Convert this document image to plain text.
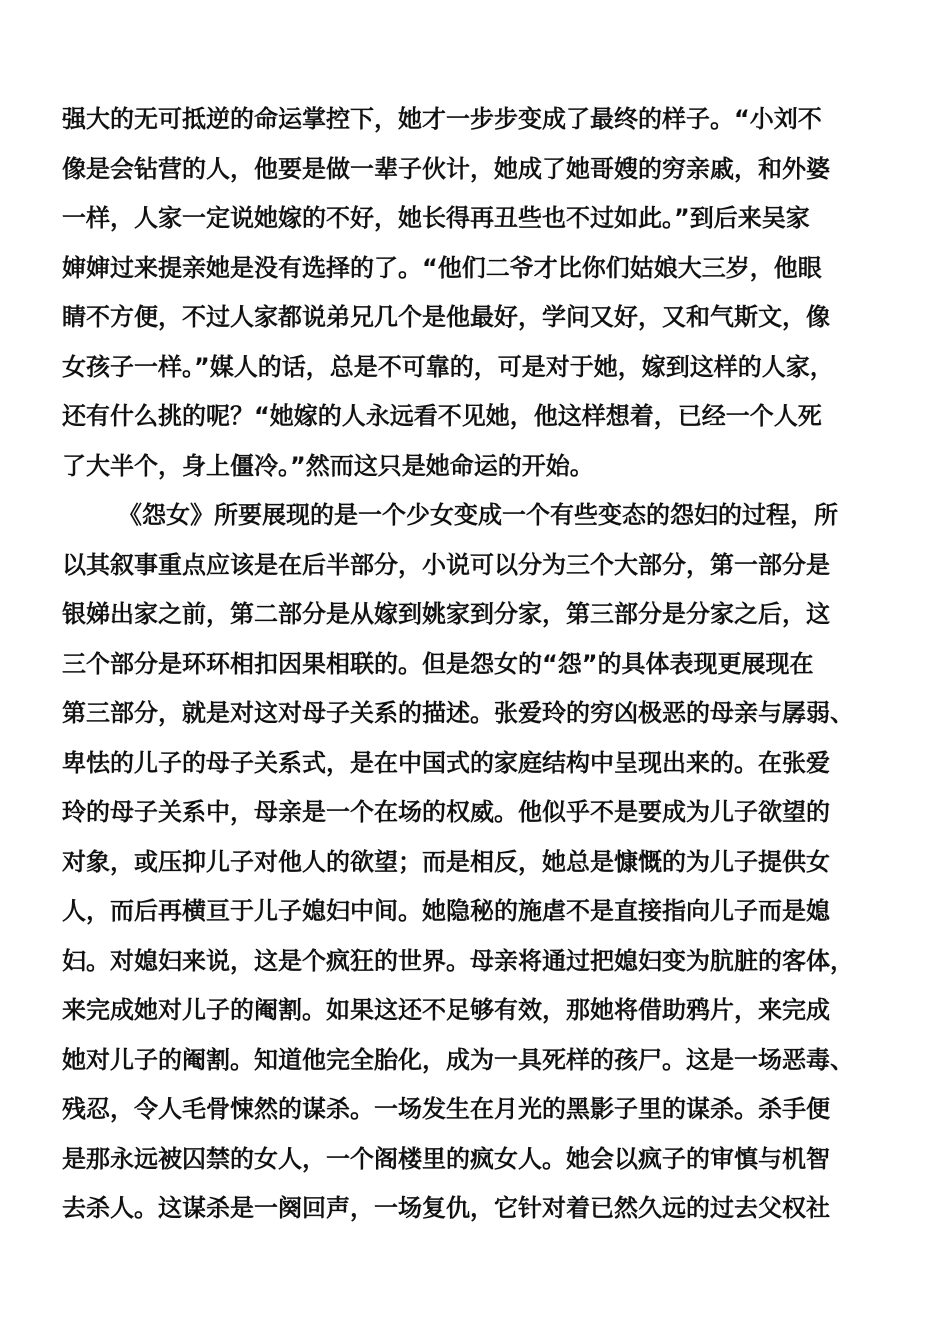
强大的无可抵逆的命运掌控下，她才一步步变成了最终的样子。“小刘不
像是会钻营的人，他要是做一辈子伙计，她成了她哥嫂的穷亲戚，和外婆
一样，人家一定说她嫁的不好，她长得再丑些也不过如此。”到后来吴家
婶婶过来提亲她是没有选择的了。“他们二爷才比你们姑娘大三岁，他眼
睛不方便，不过人家都说弟兄几个是他最好，学问又好，又和气斯文，像
女孩子一样。”媒人的话，总是不可靠的，可是对于她，嫁到这样的人家，
还有什么挑的呢？“她嫁的人永远看不见她，他这样想着，已经一个人死
了大半个，身上僵冷。”然而这只是她命运的开始。
《怨女》所要展现的是一个少女变成一个有些变态的怨妇的过程，所
以其叙事重点应该是在后半部分，小说可以分为三个大部分，第一部分是
银娣出家之前，第二部分是从嫁到姚家到分家，第三部分是分家之后，这
三个部分是环环相扣因果相联的。但是怨女的“怨”的具体表现更展现在
第三部分，就是对这对母子关系的描述。张爱玲的穷凶极恶的母亲与孱弱、
卑怯的儿子的母子关系式，是在中国式的家庭结构中呈现出来的。在张爱
玲的母子关系中，母亲是一个在场的权威。他似乎不是要成为儿子欲望的
对象，或压抑儿子对他人的欲望；而是相反，她总是慷慨的为儿子提供女
人，而后再横亘于儿子媳妇中间。她隐秘的施虐不是直接指向儿子而是媳
妇。对媳妇来说，这是个疯狂的世界。母亲将通过把媳妇变为肮脏的客体，
来完成她对儿子的阉割。如果这还不足够有效，那她将借助鸦片，来完成
她对儿子的阉割。知道他完全胎化，成为一具死样的孩尸。这是一场恶毒、
残忍，令人毛骨悚然的谋杀。一场发生在月光的黑影子里的谋杀。杀手便
是那永远被囚禁的女人，一个阁楼里的疯女人。她会以疯子的审慎与机智
去杀人。这谋杀是一阕回声，一场复仇，它针对着已然久远的过去父权社
